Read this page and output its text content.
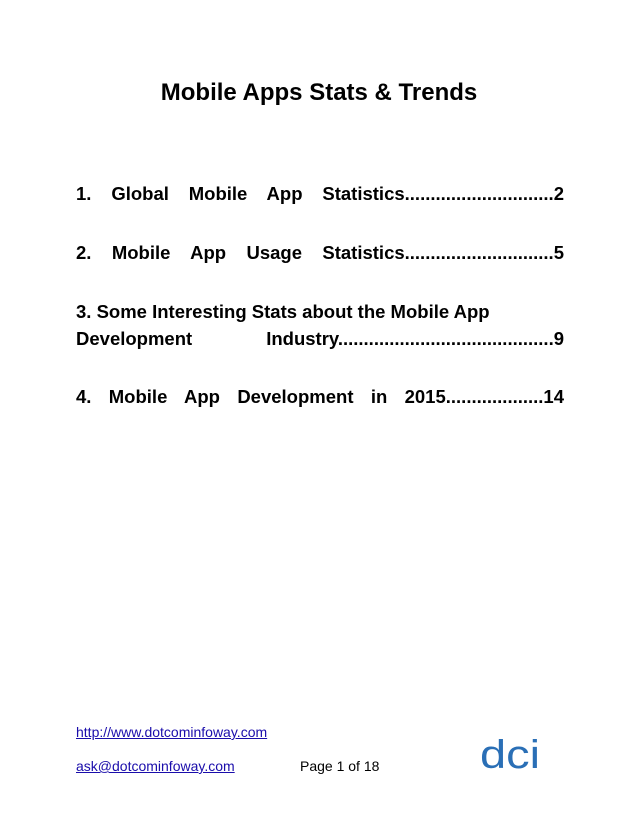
Mobile Apps Stats & Trends
1. Global Mobile App Statistics.............................2
2. Mobile App Usage Statistics.............................5
3. Some Interesting Stats about the Mobile App
Development Industry..........................................9
4. Mobile App Development in 2015...................14
http://www.dotcominfoway.com
ask@dotcominfoway.com	Page 1 of 18	dci
